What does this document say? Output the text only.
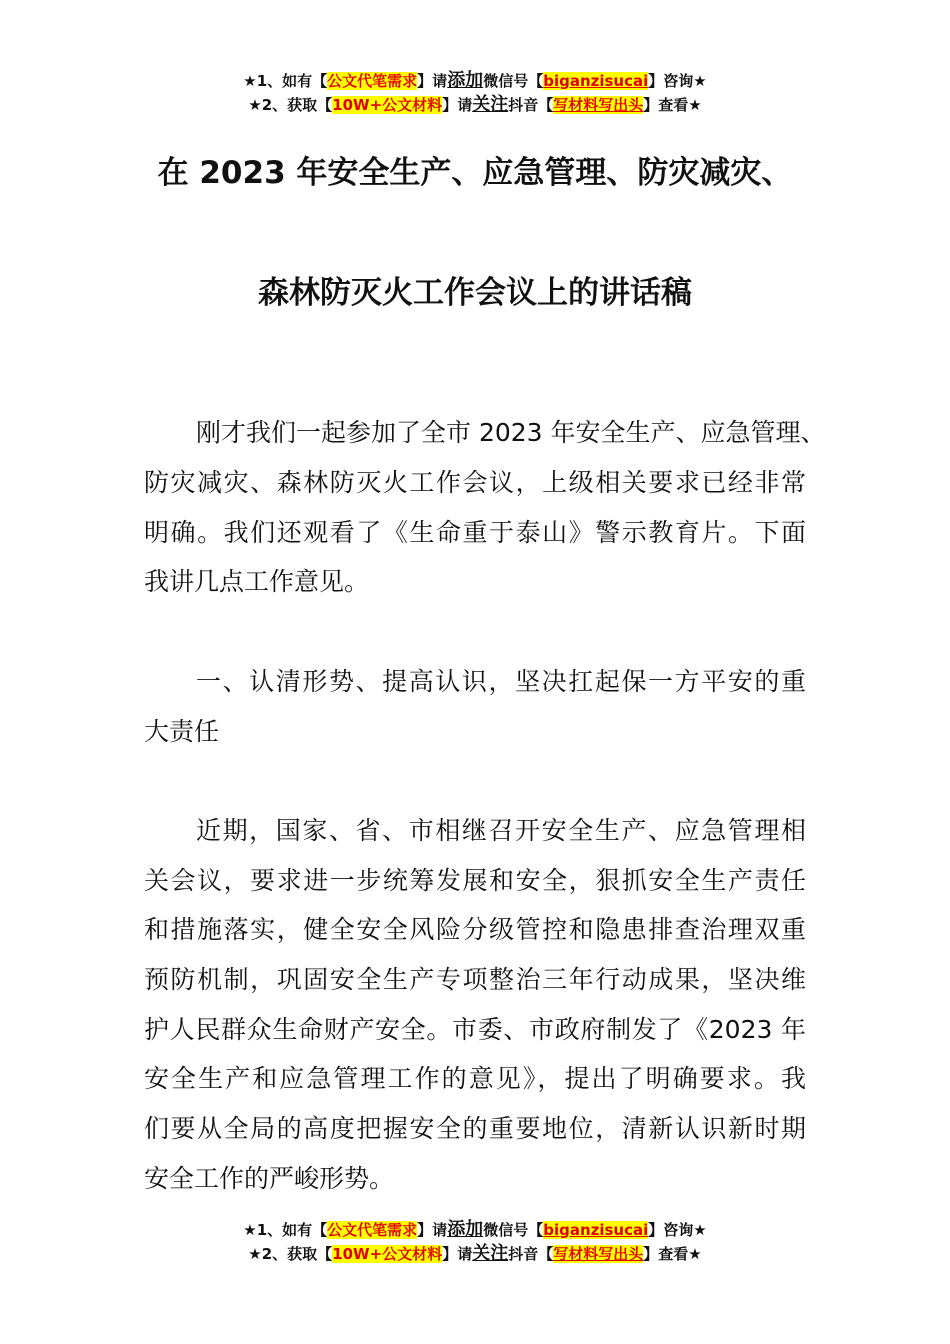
★1、如有【公文代笔需求】请添加微信号【biganzisucai】咨询★
★2、获取【10W+公文材料】请关注抖音【写材料写出头】查看★
在 2023 年安全生产、应急管理、防灾减灾、
森林防灭火工作会议上的讲话稿
刚才我们一起参加了全市 2023 年安全生产、应急管理、
防灾减灾、森林防灭火工作会议，上级相关要求已经非常
明确。我们还观看了《生命重于泰山》警示教育片。下面
我讲几点工作意见。
一、认清形势、提高认识，坚决扛起保一方平安的重
大责任
近期，国家、省、市相继召开安全生产、应急管理相
关会议，要求进一步统筹发展和安全，狠抓安全生产责任
和措施落实，健全安全风险分级管控和隐患排查治理双重
预防机制，巩固安全生产专项整治三年行动成果，坚决维
护人民群众生命财产安全。市委、市政府制发了《2023 年
安全生产和应急管理工作的意见》，提出了明确要求。我
们要从全局的高度把握安全的重要地位，清新认识新时期
安全工作的严峻形势。
★1、如有【公文代笔需求】请添加微信号【biganzisucai】咨询★
★2、获取【10W+公文材料】请关注抖音【写材料写出头】查看★
